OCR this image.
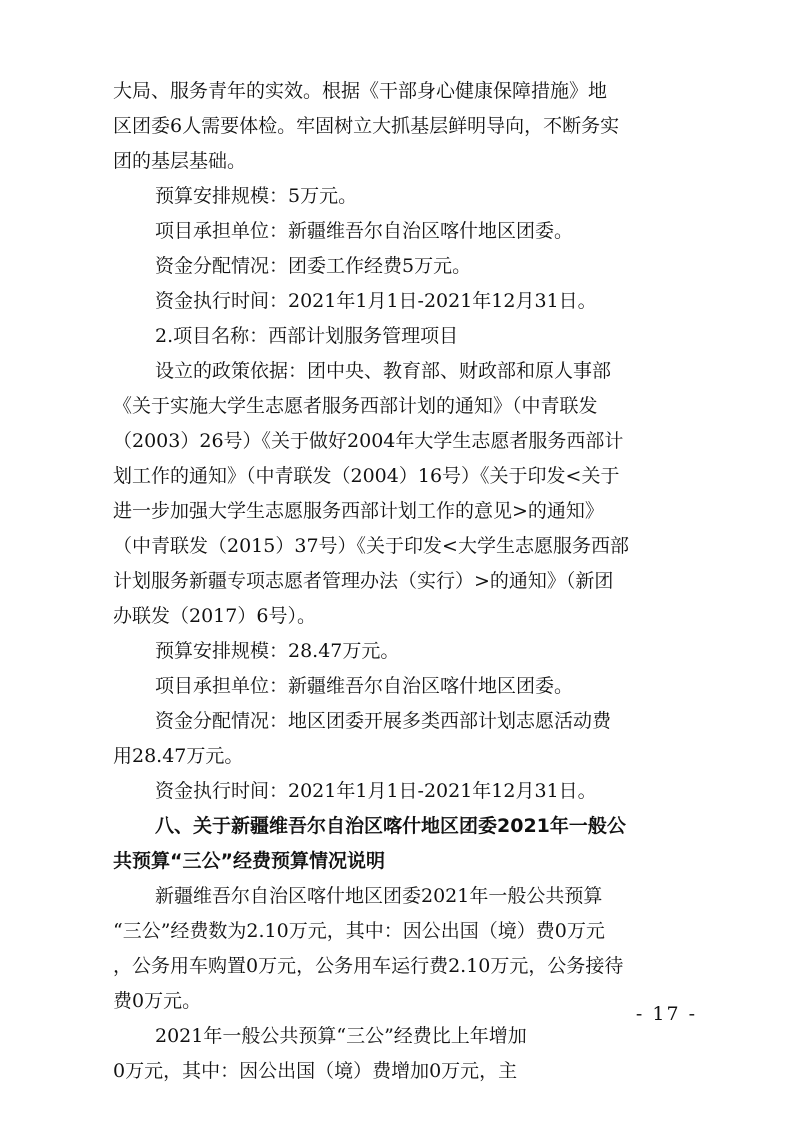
大局、服务青年的实效。根据《干部身心健康保障措施》地
区团委6人需要体检。牢固树立大抓基层鲜明导向，不断务实
团的基层基础。
预算安排规模：5万元。
项目承担单位：新疆维吾尔自治区喀什地区团委。
资金分配情况：团委工作经费5万元。
资金执行时间：2021年1月1日-2021年12月31日。
2.项目名称：西部计划服务管理项目
设立的政策依据：团中央、教育部、财政部和原人事部
《关于实施大学生志愿者服务西部计划的通知》（中青联发
（2003）26号）《关于做好2004年大学生志愿者服务西部计
划工作的通知》（中青联发（2004）16号）《关于印发<关于
进一步加强大学生志愿服务西部计划工作的意见>的通知》
（中青联发（2015）37号）《关于印发<大学生志愿服务西部
计划服务新疆专项志愿者管理办法（实行）>的通知》（新团
办联发（2017）6号）。
预算安排规模：28.47万元。
项目承担单位：新疆维吾尔自治区喀什地区团委。
资金分配情况：地区团委开展多类西部计划志愿活动费
用28.47万元。
资金执行时间：2021年1月1日-2021年12月31日。
八、关于新疆维吾尔自治区喀什地区团委2021年一般公
共预算“三公”经费预算情况说明
新疆维吾尔自治区喀什地区团委2021年一般公共预算
“三公”经费数为2.10万元，其中：因公出国（境）费0万元
，公务用车购置0万元，公务用车运行费2.10万元，公务接待
费0万元。
2021年一般公共预算“三公”经费比上年增加
0万元，其中：因公出国（境）费增加0万元，主
- 17 -
